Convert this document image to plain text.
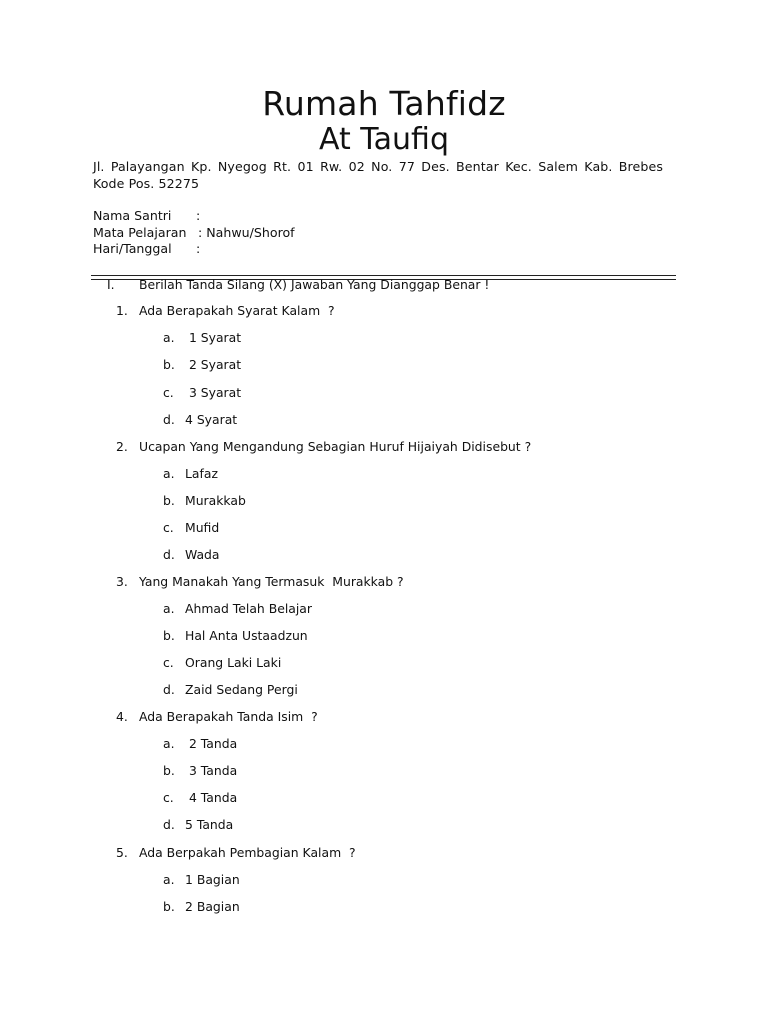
Rumah Tahfidz
At Taufiq
Jl. Palayangan Kp. Nyegog Rt. 01 Rw. 02 No. 77 Des. Bentar Kec. Salem Kab. Brebes Kode Pos. 52275
Nama Santri :
Mata Pelajaran : Nahwu/Shorof
Hari/Tanggal :
I. Berilah Tanda Silang (X) Jawaban Yang Dianggap Benar !
1. Ada Berapakah Syarat Kalam  ?
a. 1 Syarat
b. 2 Syarat
c. 3 Syarat
d. 4 Syarat
2. Ucapan Yang Mengandung Sebagian Huruf Hijaiyah Didisebut ?
a. Lafaz
b. Murakkab
c. Mufid
d. Wada
3. Yang Manakah Yang Termasuk  Murakkab ?
a. Ahmad Telah Belajar
b. Hal Anta Ustaadzun
c. Orang Laki Laki
d. Zaid Sedang Pergi
4. Ada Berapakah Tanda Isim  ?
a. 2 Tanda
b. 3 Tanda
c. 4 Tanda
d. 5 Tanda
5. Ada Berpakah Pembagian Kalam  ?
a. 1 Bagian
b. 2 Bagian
